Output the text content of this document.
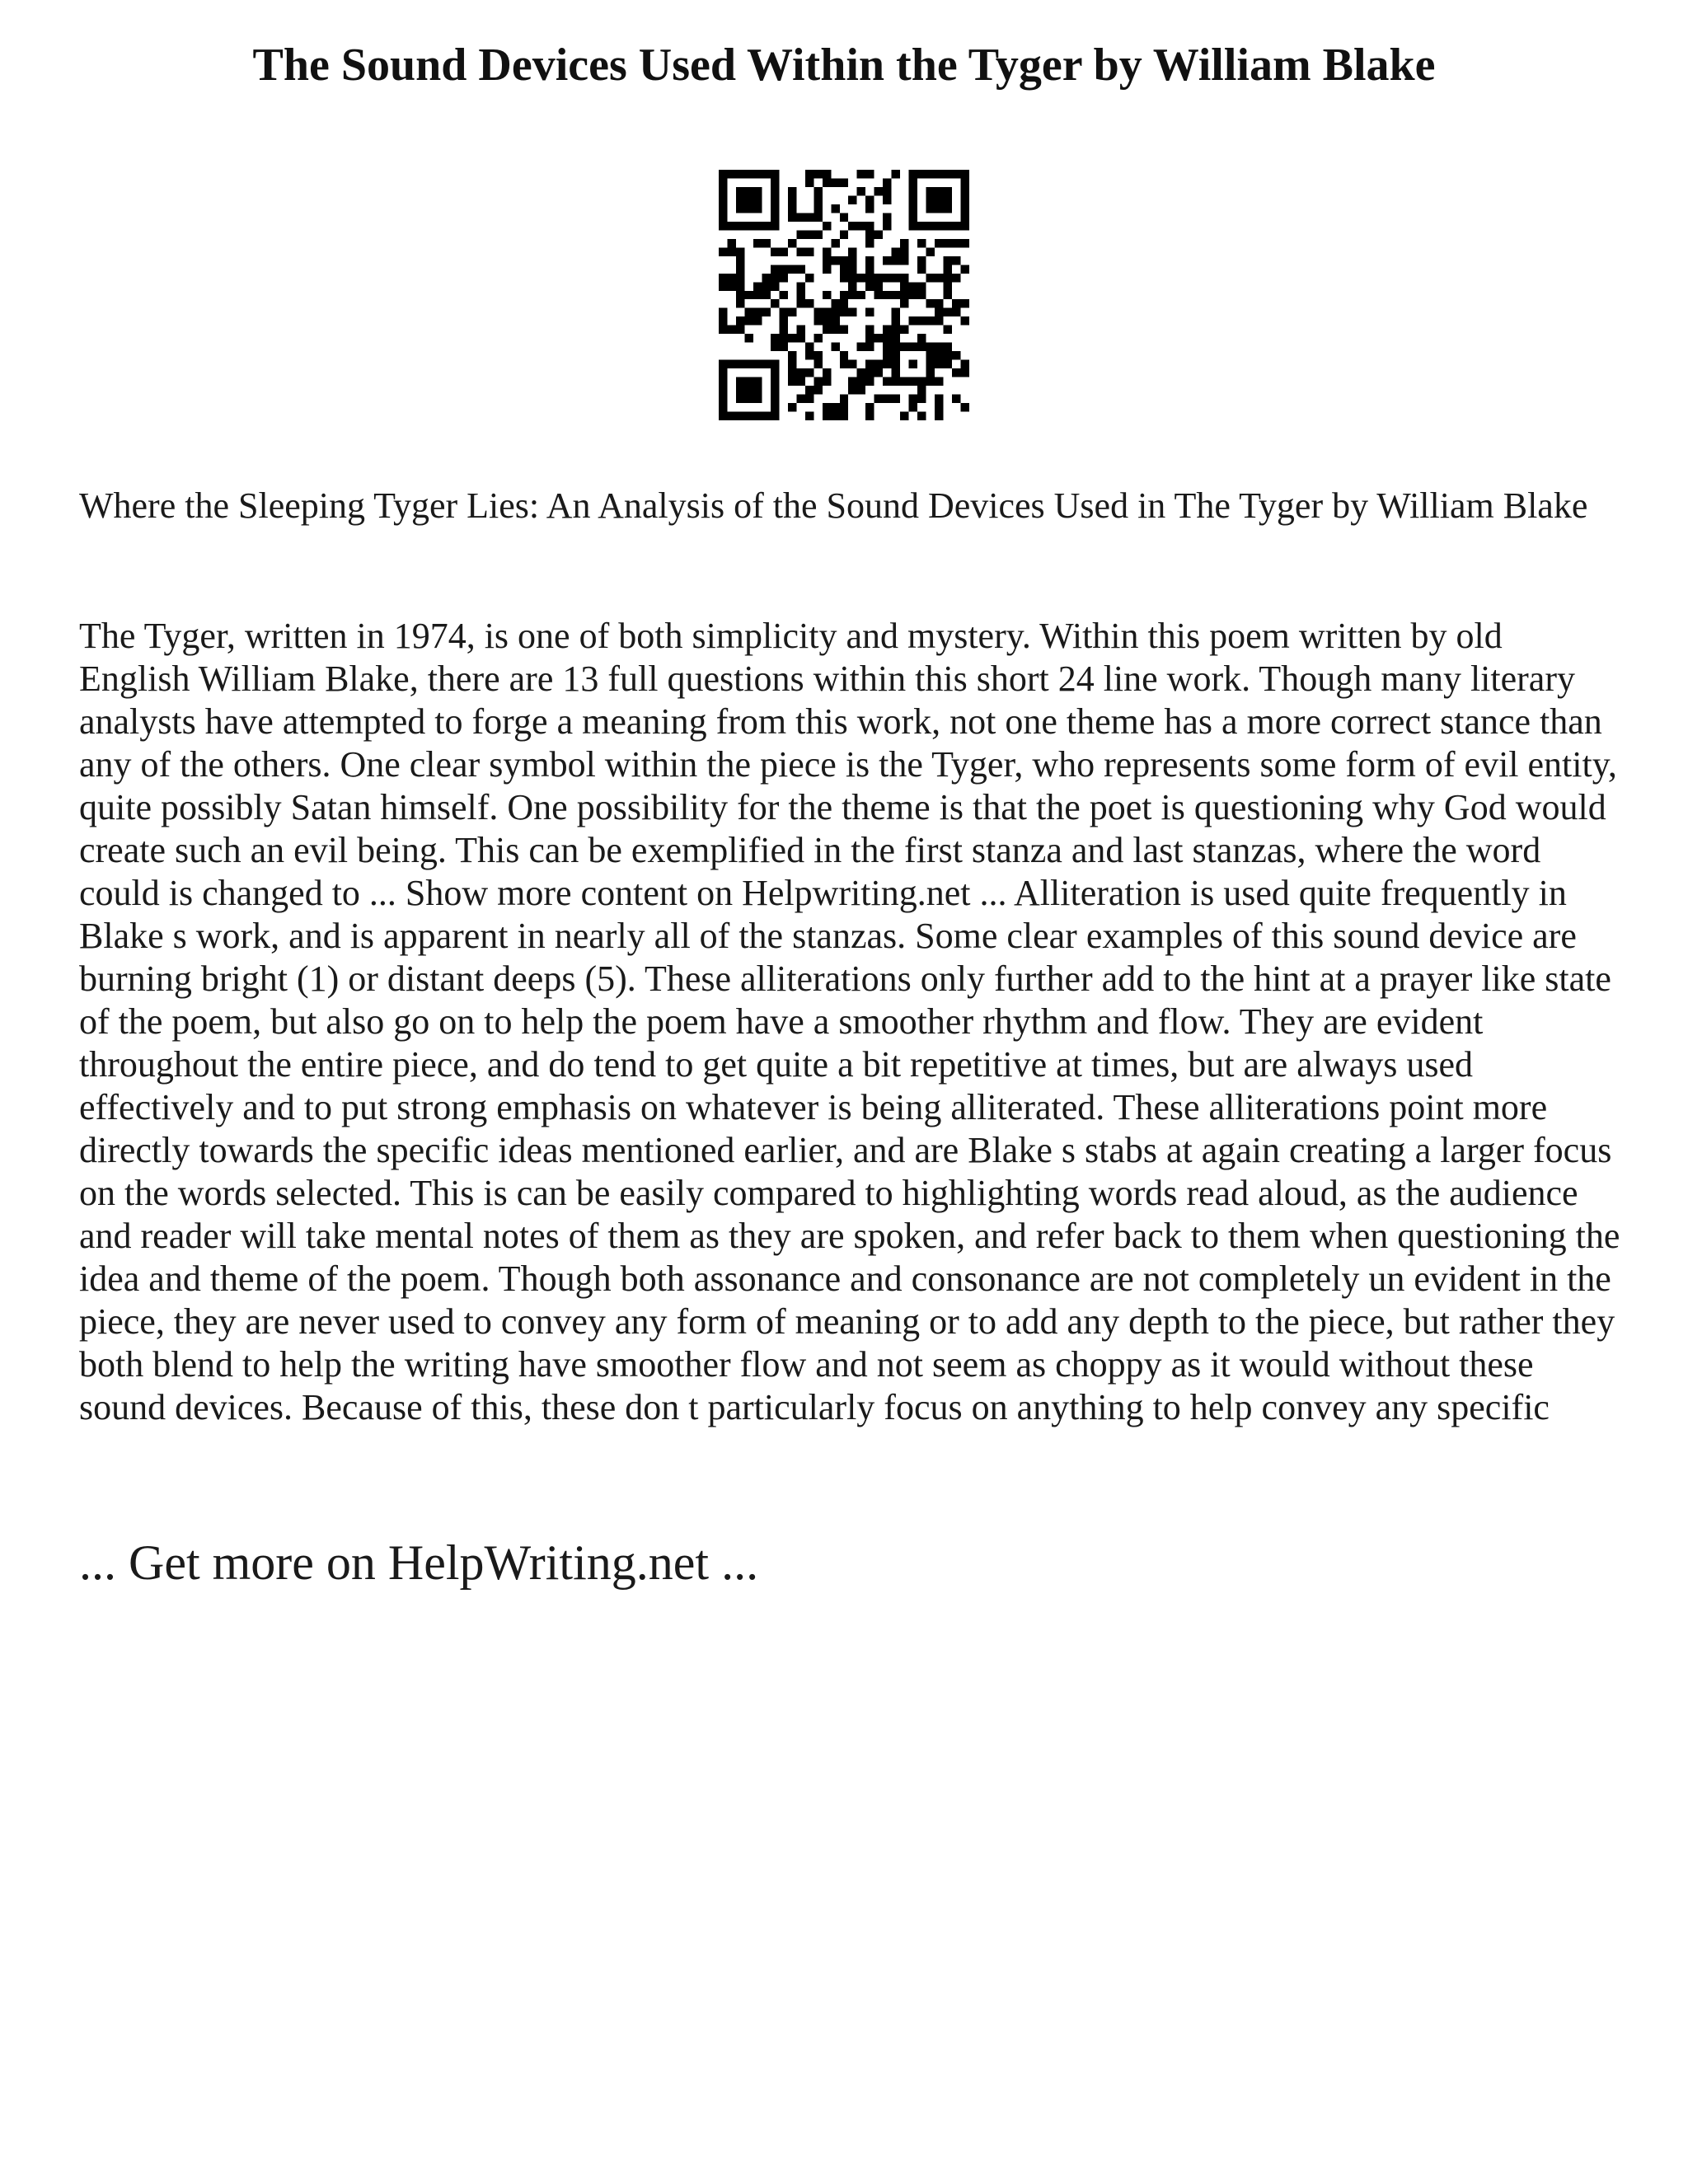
The Sound Devices Used Within the Tyger by William Blake

Where the Sleeping Tyger Lies: An Analysis of the Sound Devices Used in The Tyger by William Blake

The Tyger, written in 1974, is one of both simplicity and mystery. Within this poem written by old English William Blake, there are 13 full questions within this short 24 line work. Though many literary analysts have attempted to forge a meaning from this work, not one theme has a more correct stance than any of the others. One clear symbol within the piece is the Tyger, who represents some form of evil entity, quite possibly Satan himself. One possibility for the theme is that the poet is questioning why God would create such an evil being. This can be exemplified in the first stanza and last stanzas, where the word could is changed to ... Show more content on Helpwriting.net ... Alliteration is used quite frequently in Blake s work, and is apparent in nearly all of the stanzas. Some clear examples of this sound device are burning bright (1) or distant deeps (5). These alliterations only further add to the hint at a prayer like state of the poem, but also go on to help the poem have a smoother rhythm and flow. They are evident throughout the entire piece, and do tend to get quite a bit repetitive at times, but are always used effectively and to put strong emphasis on whatever is being alliterated. These alliterations point more directly towards the specific ideas mentioned earlier, and are Blake s stabs at again creating a larger focus on the words selected. This is can be easily compared to highlighting words read aloud, as the audience and reader will take mental notes of them as they are spoken, and refer back to them when questioning the idea and theme of the poem. Though both assonance and consonance are not completely un evident in the piece, they are never used to convey any form of meaning or to add any depth to the piece, but rather they both blend to help the writing have smoother flow and not seem as choppy as it would without these sound devices. Because of this, these don t particularly focus on anything to help convey any specific

... Get more on HelpWriting.net ...
